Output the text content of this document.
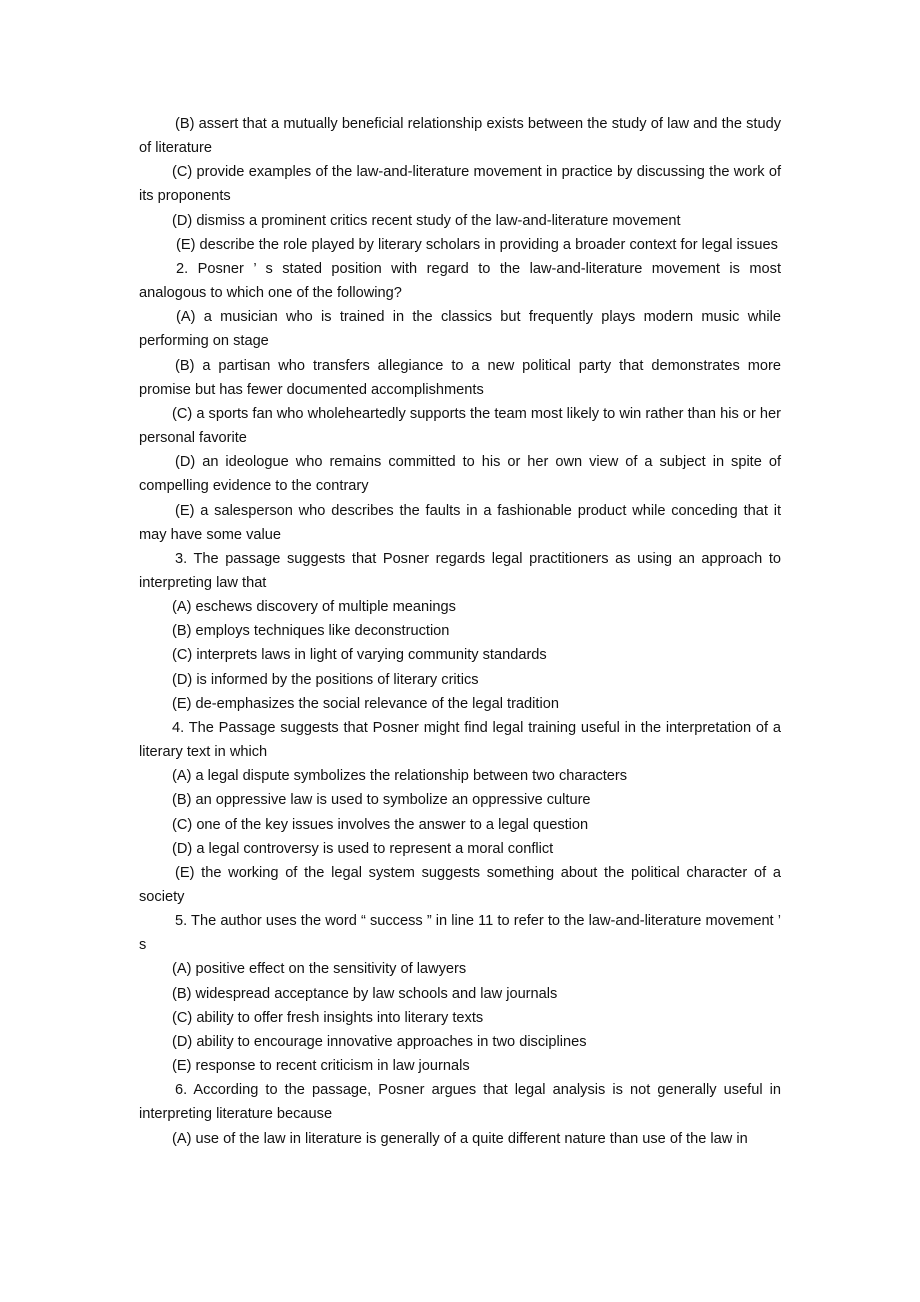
(B) assert that a mutually beneficial relationship exists between the study of law and the study of literature

(C) provide examples of the law-and-literature movement in practice by discussing the work of its proponents

(D) dismiss a prominent critics recent study of the law-and-literature movement

(E) describe the role played by literary scholars in providing a broader context for legal issues

2. Posner ’ s stated position with regard to the law-and-literature movement is most analogous to which one of the following?

(A) a musician who is trained in the classics but frequently plays modern music while performing on stage

(B) a partisan who transfers allegiance to a new political party that demonstrates more promise but has fewer documented accomplishments

(C) a sports fan who wholeheartedly supports the team most likely to win rather than his or her personal favorite

(D) an ideologue who remains committed to his or her own view of a subject in spite of compelling evidence to the contrary

(E) a salesperson who describes the faults in a fashionable product while conceding that it may have some value

3. The passage suggests that Posner regards legal practitioners as using an approach to interpreting law that

(A) eschews discovery of multiple meanings

(B) employs techniques like deconstruction

(C) interprets laws in light of varying community standards

(D) is informed by the positions of literary critics

(E) de-emphasizes the social relevance of the legal tradition

4. The Passage suggests that Posner might find legal training useful in the interpretation of a literary text in which

(A) a legal dispute symbolizes the relationship between two characters

(B) an oppressive law is used to symbolize an oppressive culture

(C) one of the key issues involves the answer to a legal question

(D) a legal controversy is used to represent a moral conflict

(E) the working of the legal system suggests something about the political character of a society

5. The author uses the word “ success ” in line 11 to refer to the law-and-literature movement ’ s

(A) positive effect on the sensitivity of lawyers

(B) widespread acceptance by law schools and law journals

(C) ability to offer fresh insights into literary texts

(D) ability to encourage innovative approaches in two disciplines

(E) response to recent criticism in law journals

6. According to the passage, Posner argues that legal analysis is not generally useful in interpreting literature because

(A) use of the law in literature is generally of a quite different nature than use of the law in
